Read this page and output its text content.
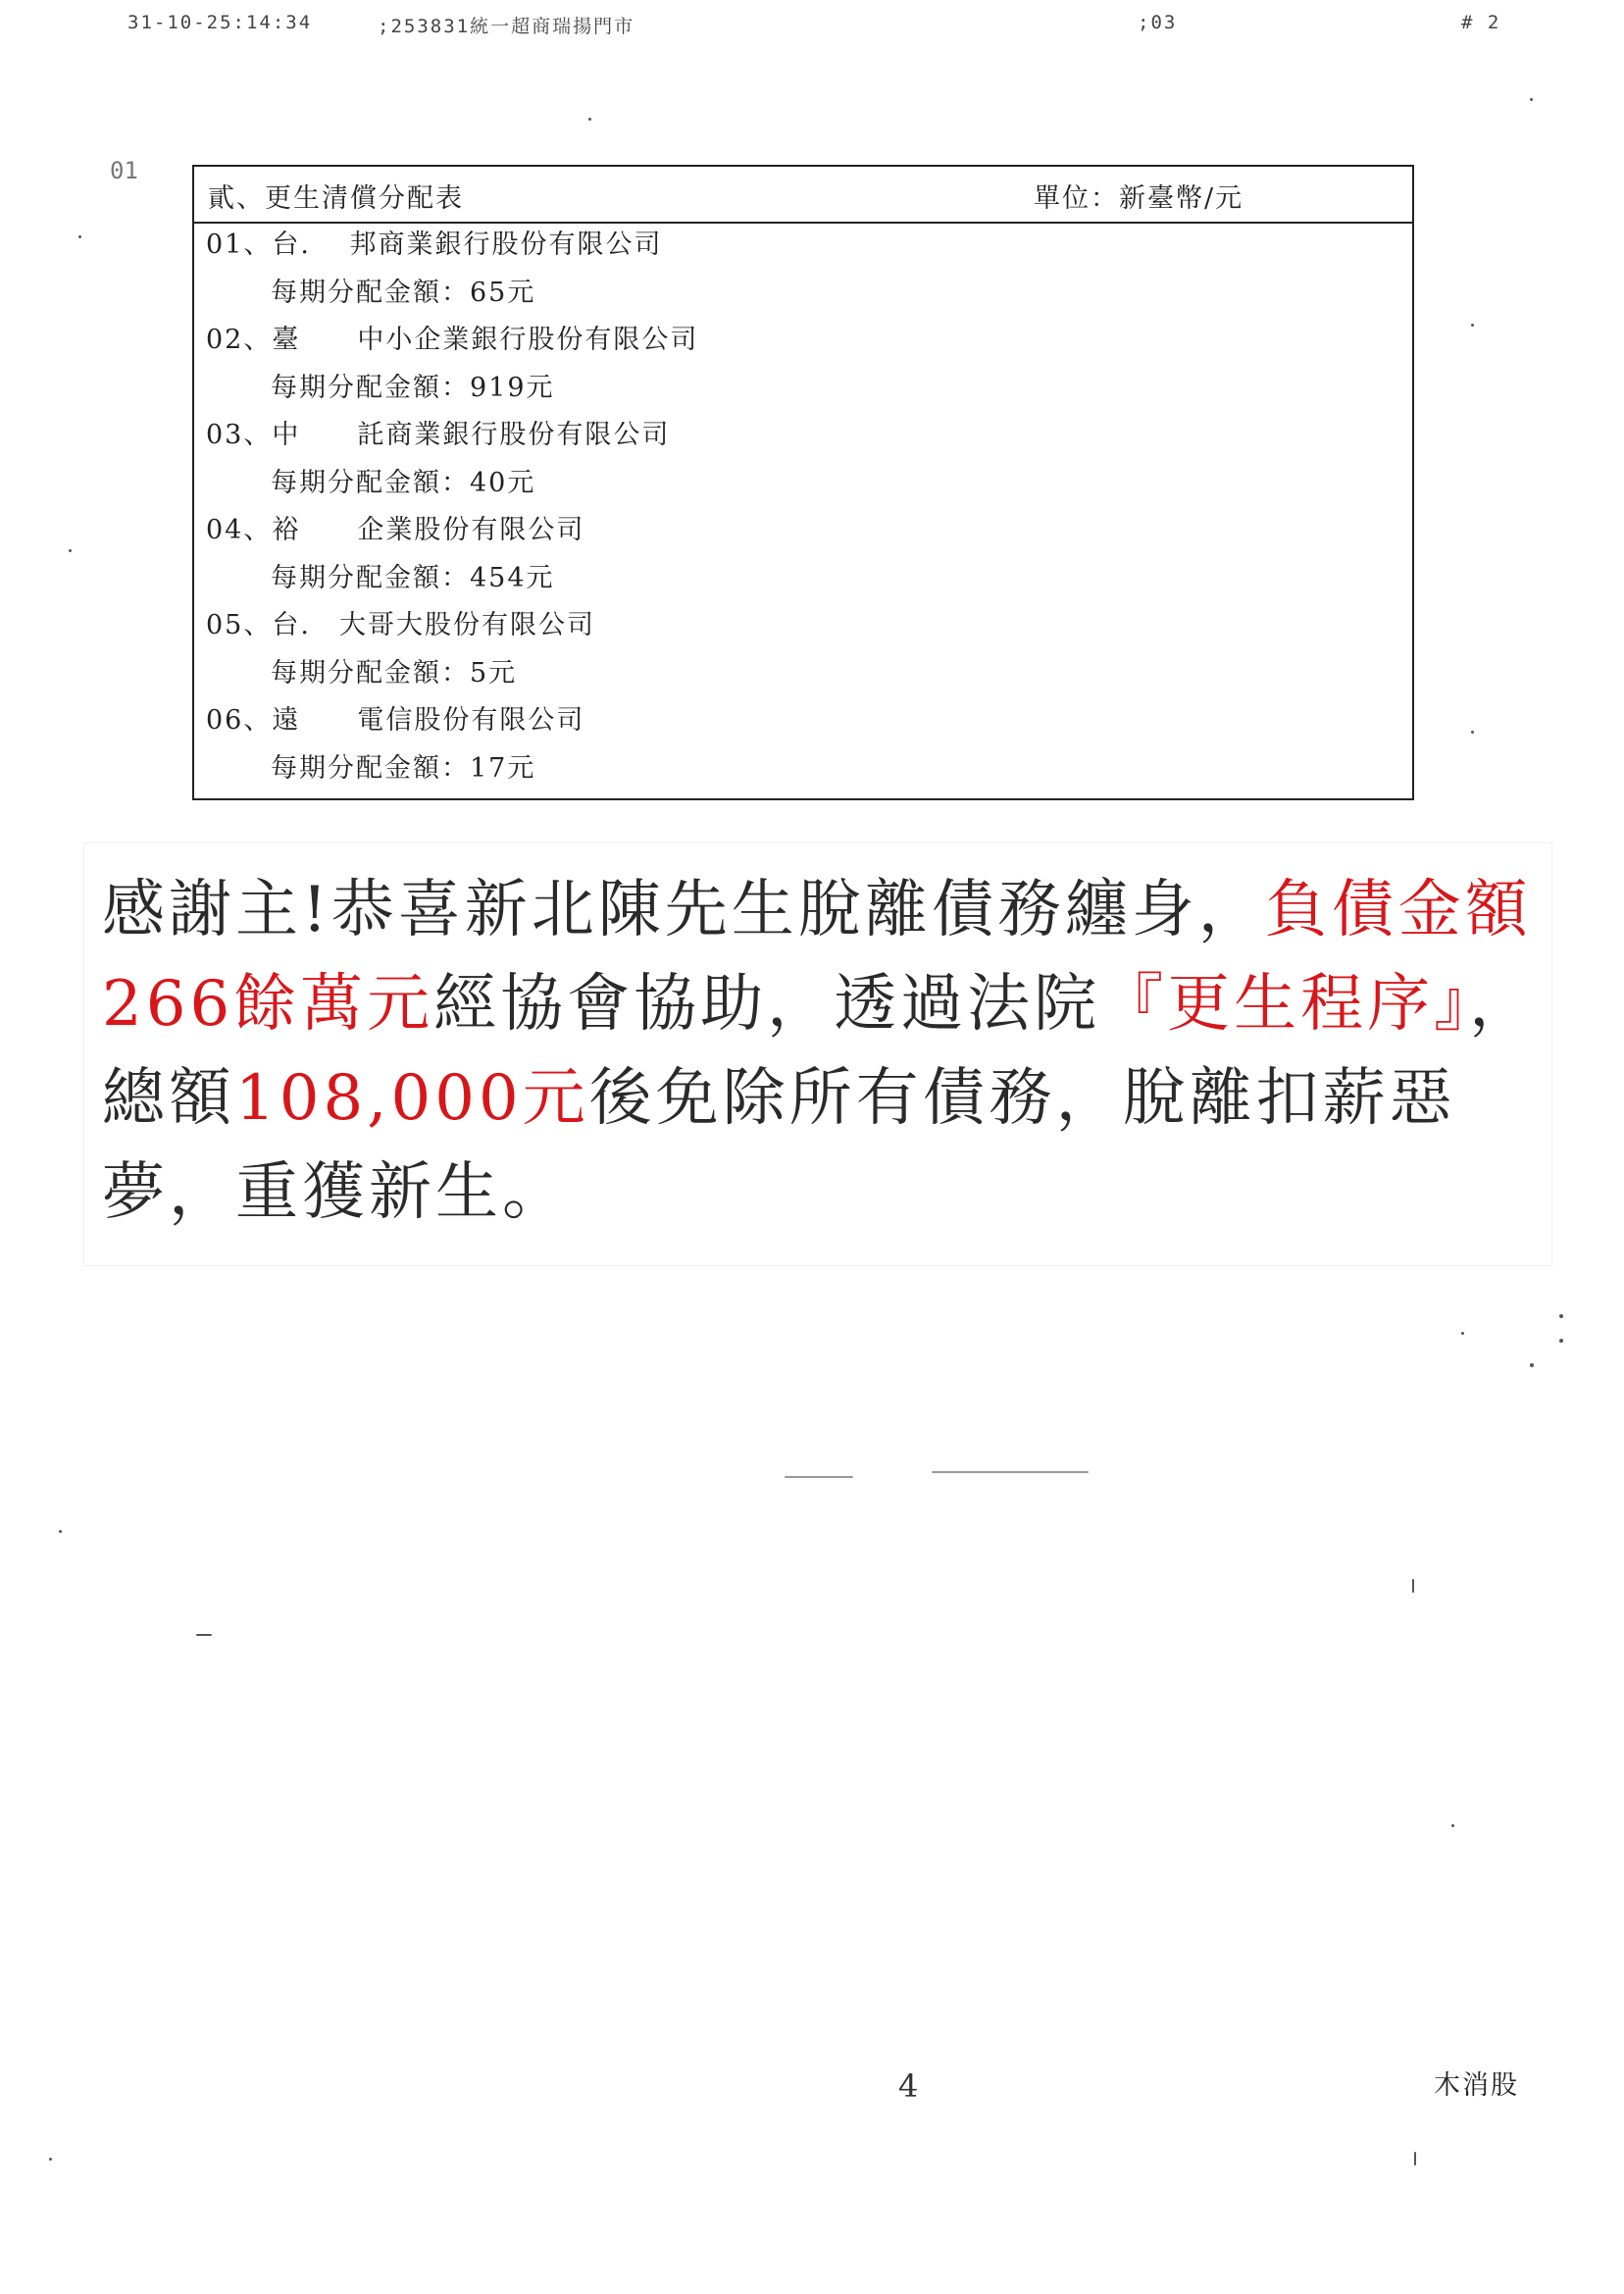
31-10-25:14:34	;253831統一超商瑞揚門市	;03	# 2
01
貳、更生清償分配表	單位：新臺幣/元
01、台. 　邦商業銀行股份有限公司
每期分配金額：65元
02、臺　　中小企業銀行股份有限公司
每期分配金額：919元
03、中　　託商業銀行股份有限公司
每期分配金額：40元
04、裕　　企業股份有限公司
每期分配金額：454元
05、台.　大哥大股份有限公司
每期分配金額：5元
06、遠　　電信股份有限公司
每期分配金額：17元
感謝主!恭喜新北陳先生脫離債務纏身，負債金額266餘萬元經協會協助，透過法院『更生程序』，總額108,000元後免除所有債務，脫離扣薪惡夢，重獲新生。
4	木消股
